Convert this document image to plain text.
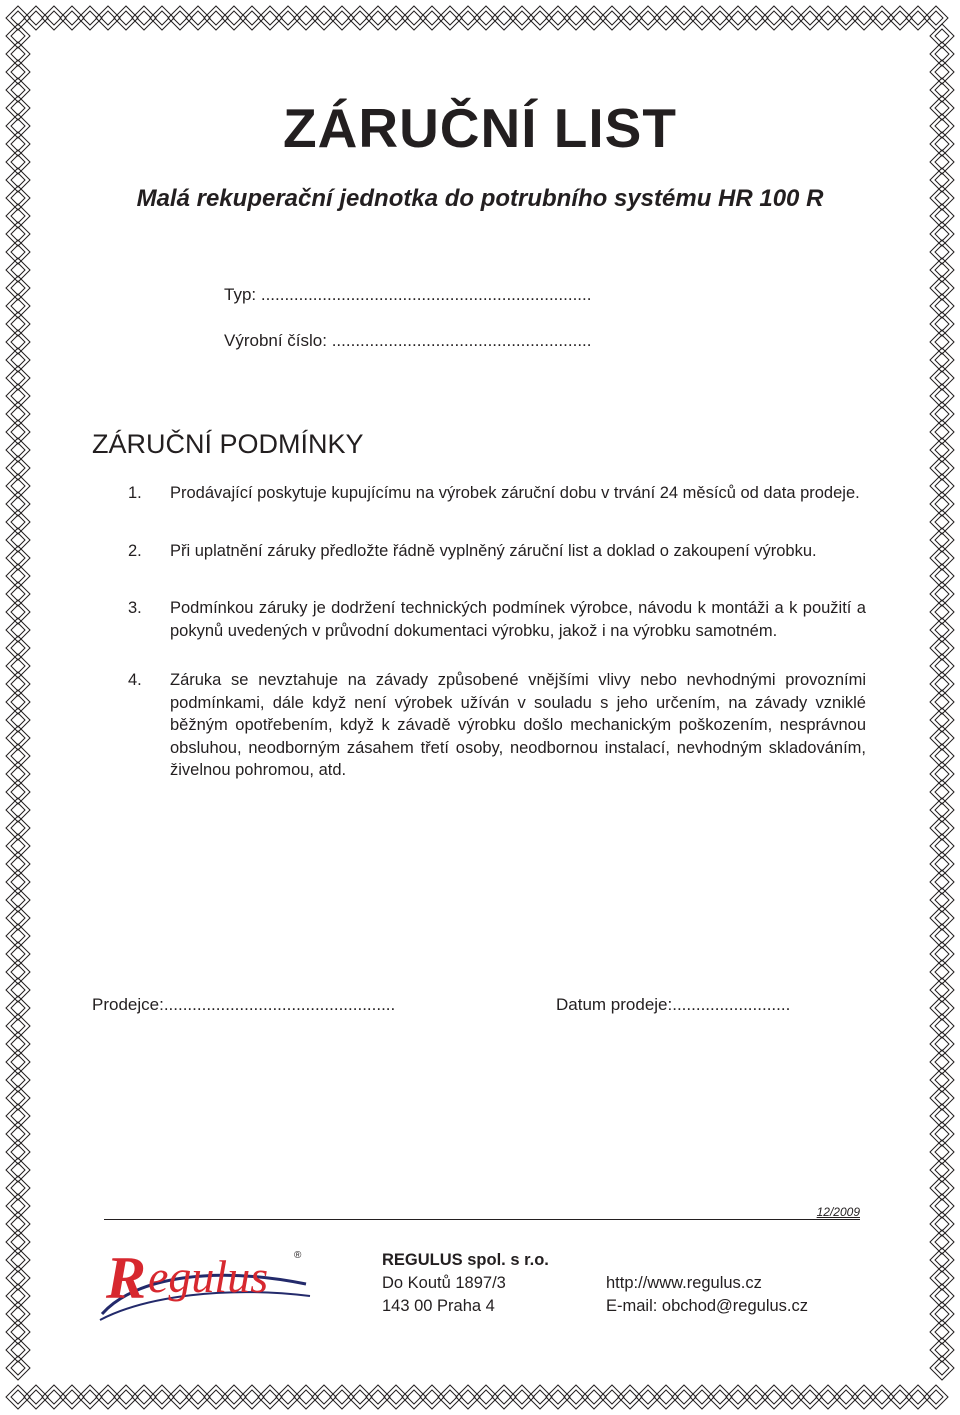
ZÁRUČNÍ LIST
Malá rekuperační jednotka do potrubního systému HR 100 R
Typ: ......................................................................
Výrobní číslo: .......................................................
ZÁRUČNÍ PODMÍNKY
1.	Prodávající poskytuje kupujícímu na výrobek záruční dobu v trvání 24 měsíců od data prodeje.
2.	Při uplatnění záruky předložte řádně vyplněný záruční list a doklad o zakoupení výrobku.
3.	Podmínkou záruky je dodržení technických podmínek výrobce, návodu k montáži a k použití a pokynů uvedených v průvodní dokumentaci výrobku, jakož i na výrobku samotném.
4.	Záruka se nevztahuje na závady způsobené vnějšími vlivy nebo nevhodnými provozními podmínkami, dále když není výrobek užíván v souladu s jeho určením, na závady vzniklé běžným opotřebením, když k závadě výrobku došlo mechanickým poškozením, nesprávnou obsluhou, neodborným zásahem třetí osoby, neodbornou instalací, nevhodným skladováním, živelnou pohromou, atd.
Prodejce:.................................................	Datum prodeje:.........................
12/2009
R egulus	®	REGULUS spol. s r.o.
Do Koutů 1897/3
143 00 Praha 4
http://www.regulus.cz
E-mail: obchod@regulus.cz
